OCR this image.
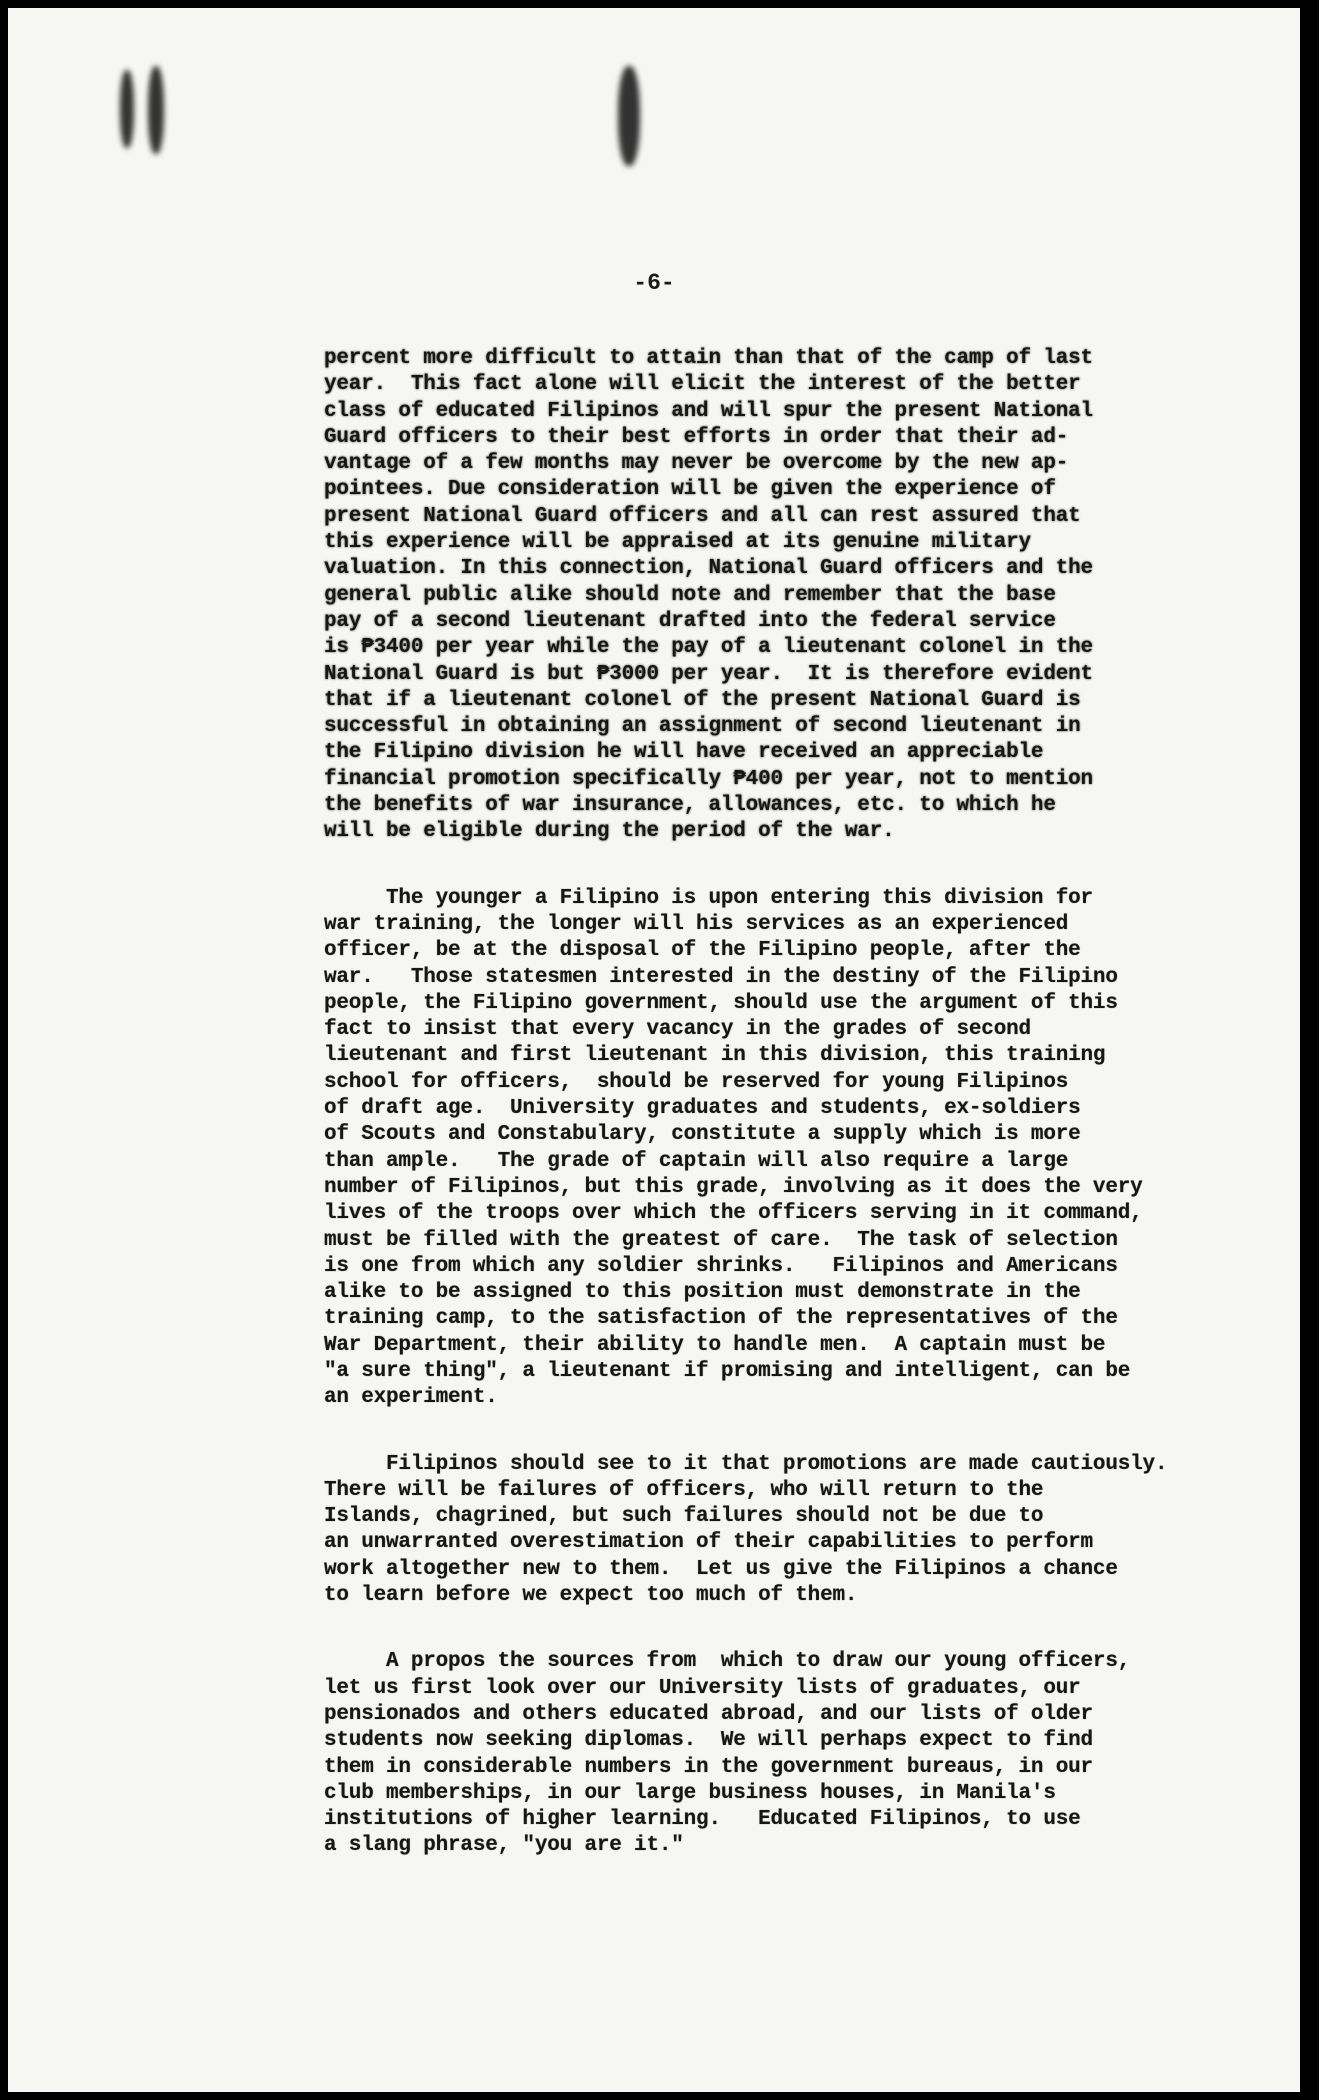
-6-
percent more difficult to attain than that of the camp of last
year.  This fact alone will elicit the interest of the better
class of educated Filipinos and will spur the present National
Guard officers to their best efforts in order that their ad-
vantage of a few months may never be overcome by the new ap-
pointees. Due consideration will be given the experience of
present National Guard officers and all can rest assured that
this experience will be appraised at its genuine military
valuation. In this connection, National Guard officers and the
general public alike should note and remember that the base
pay of a second lieutenant drafted into the federal service
is ₱3400 per year while the pay of a lieutenant colonel in the
National Guard is but ₱3000 per year.  It is therefore evident
that if a lieutenant colonel of the present National Guard is
successful in obtaining an assignment of second lieutenant in
the Filipino division he will have received an appreciable
financial promotion specifically ₱400 per year, not to mention
the benefits of war insurance, allowances, etc. to which he
will be eligible during the period of the war.
The younger a Filipino is upon entering this division for
war training, the longer will his services as an experienced
officer, be at the disposal of the Filipino people, after the
war.   Those statesmen interested in the destiny of the Filipino
people, the Filipino government, should use the argument of this
fact to insist that every vacancy in the grades of second
lieutenant and first lieutenant in this division, this training
school for officers,  should be reserved for young Filipinos
of draft age.  University graduates and students, ex-soldiers
of Scouts and Constabulary, constitute a supply which is more
than ample.   The grade of captain will also require a large
number of Filipinos, but this grade, involving as it does the very
lives of the troops over which the officers serving in it command,
must be filled with the greatest of care.  The task of selection
is one from which any soldier shrinks.   Filipinos and Americans
alike to be assigned to this position must demonstrate in the
training camp, to the satisfaction of the representatives of the
War Department, their ability to handle men.  A captain must be
"a sure thing", a lieutenant if promising and intelligent, can be
an experiment.
Filipinos should see to it that promotions are made cautiously.
There will be failures of officers, who will return to the
Islands, chagrined, but such failures should not be due to
an unwarranted overestimation of their capabilities to perform
work altogether new to them.  Let us give the Filipinos a chance
to learn before we expect too much of them.
A propos the sources from  which to draw our young officers,
let us first look over our University lists of graduates, our
pensionados and others educated abroad, and our lists of older
students now seeking diplomas.  We will perhaps expect to find
them in considerable numbers in the government bureaus, in our
club memberships, in our large business houses, in Manila's
institutions of higher learning.   Educated Filipinos, to use
a slang phrase, "you are it."
